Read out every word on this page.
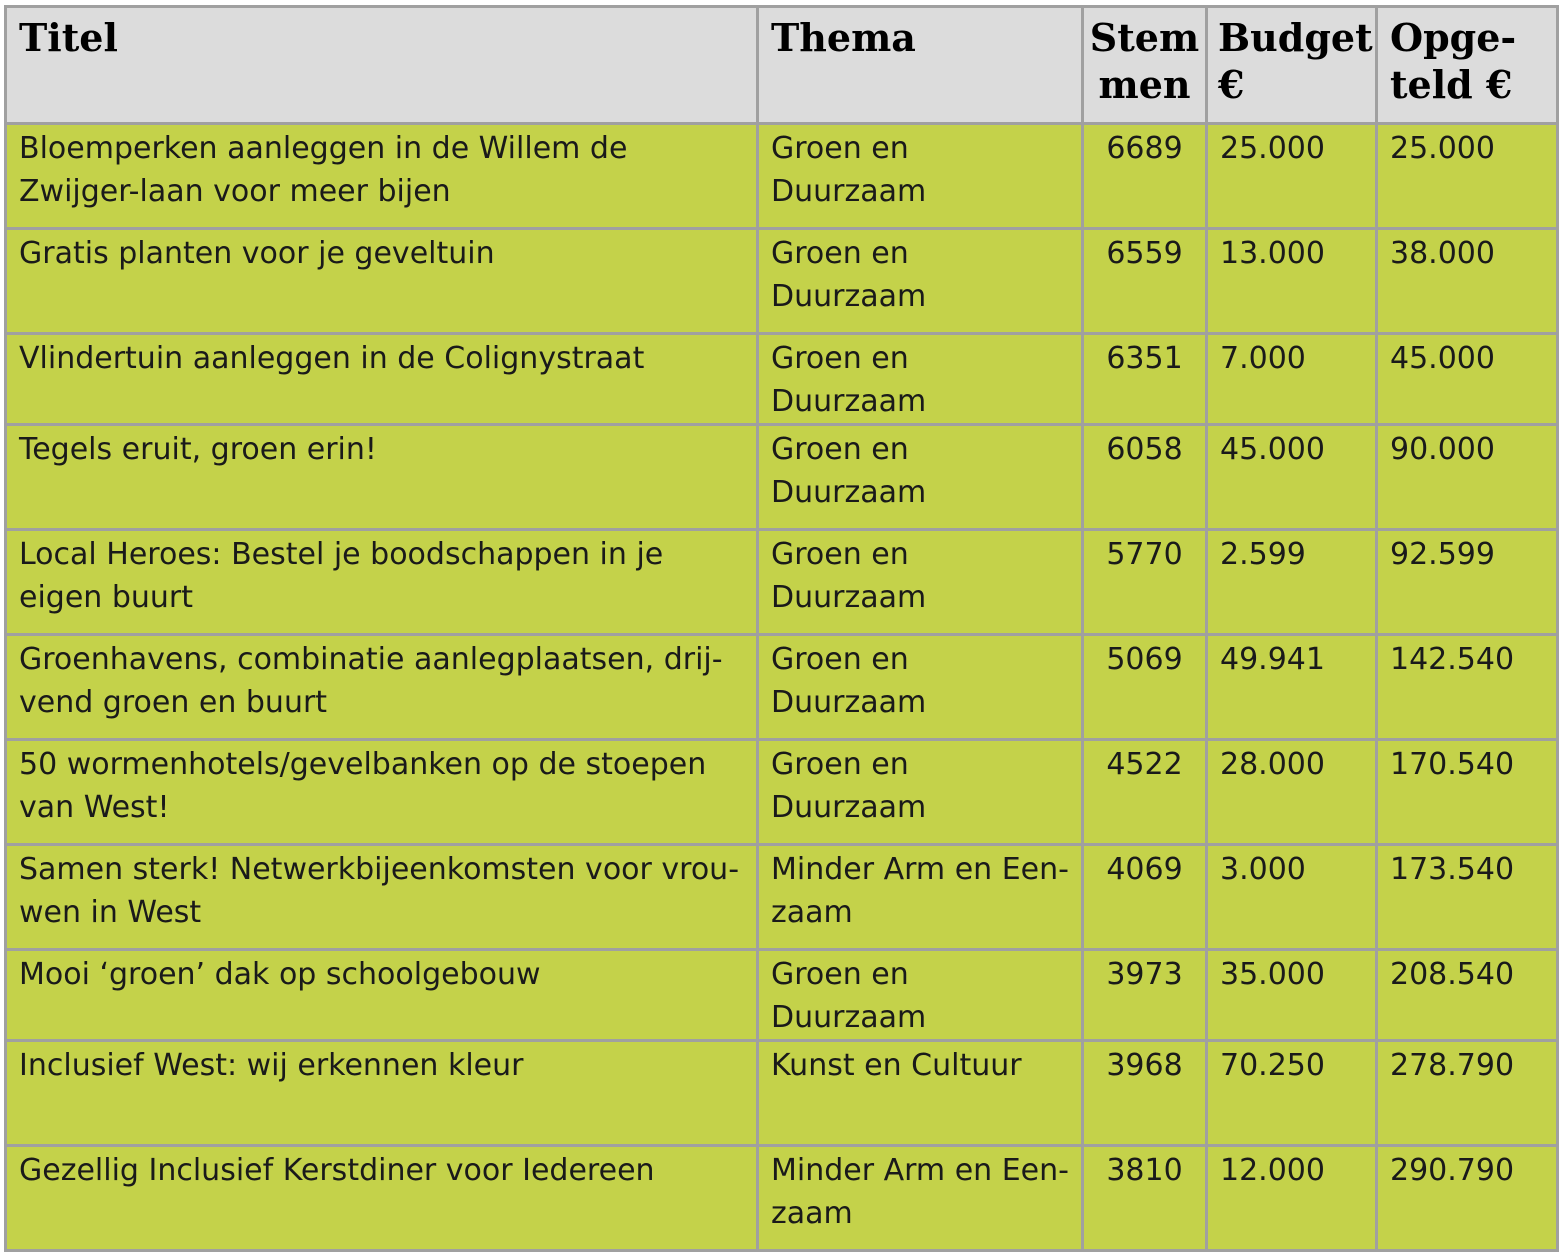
Titel	Thema	Stem men	Budget €	Opge- teld €
Bloemperken aanleggen in de Willem de Zwijger-laan voor meer bijen	Groen en Duurzaam	6689	25.000	25.000
Gratis planten voor je geveltuin	Groen en Duurzaam	6559	13.000	38.000
Vlindertuin aanleggen in de Colignystraat	Groen en Duurzaam	6351	7.000	45.000
Tegels eruit, groen erin!	Groen en Duurzaam	6058	45.000	90.000
Local Heroes: Bestel je boodschappen in je eigen buurt	Groen en Duurzaam	5770	2.599	92.599
Groenhavens, combinatie aanlegplaatsen, drij-vend groen en buurt	Groen en Duurzaam	5069	49.941	142.540
50 wormenhotels/gevelbanken op de stoepen van West!	Groen en Duurzaam	4522	28.000	170.540
Samen sterk! Netwerkbijeenkomsten voor vrou-wen in West	Minder Arm en Een-zaam	4069	3.000	173.540
Mooi ‘groen’ dak op schoolgebouw	Groen en Duurzaam	3973	35.000	208.540
Inclusief West: wij erkennen kleur	Kunst en Cultuur	3968	70.250	278.790
Gezellig Inclusief Kerstdiner voor Iedereen	Minder Arm en Een-zaam	3810	12.000	290.790
